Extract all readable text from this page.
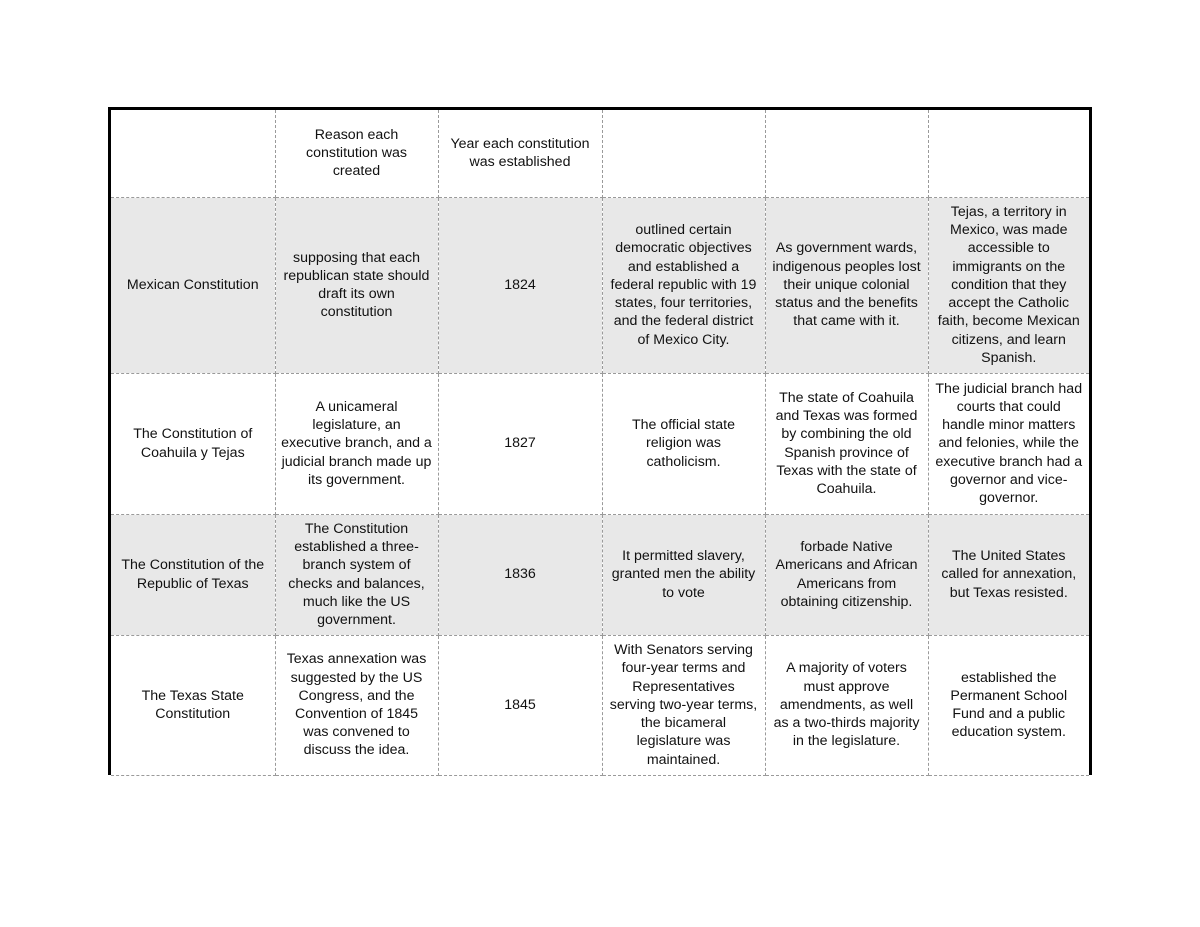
	Reason each constitution was created	Year each constitution was established			
Mexican Constitution	supposing that each republican state should draft its own constitution	1824	outlined certain democratic objectives and established a federal republic with 19 states, four territories, and the federal district of Mexico City.	As government wards, indigenous peoples lost their unique colonial status and the benefits that came with it.	Tejas, a territory in Mexico, was made accessible to immigrants on the condition that they accept the Catholic faith, become Mexican citizens, and learn Spanish.
The Constitution of Coahuila y Tejas	A unicameral legislature, an executive branch, and a judicial branch made up its government.	1827	The official state religion was catholicism.	The state of Coahuila and Texas was formed by combining the old Spanish province of Texas with the state of Coahuila.	The judicial branch had courts that could handle minor matters and felonies, while the executive branch had a governor and vice-governor.
The Constitution of the Republic of Texas	The Constitution established a three-branch system of checks and balances, much like the US government.	1836	It permitted slavery, granted men the ability to vote	forbade Native Americans and African Americans from obtaining citizenship.	The United States called for annexation, but Texas resisted.
The Texas State Constitution	Texas annexation was suggested by the US Congress, and the Convention of 1845 was convened to discuss the idea.	1845	With Senators serving four-year terms and Representatives serving two-year terms, the bicameral legislature was maintained.	A majority of voters must approve amendments, as well as a two-thirds majority in the legislature.	established the Permanent School Fund and a public education system.
